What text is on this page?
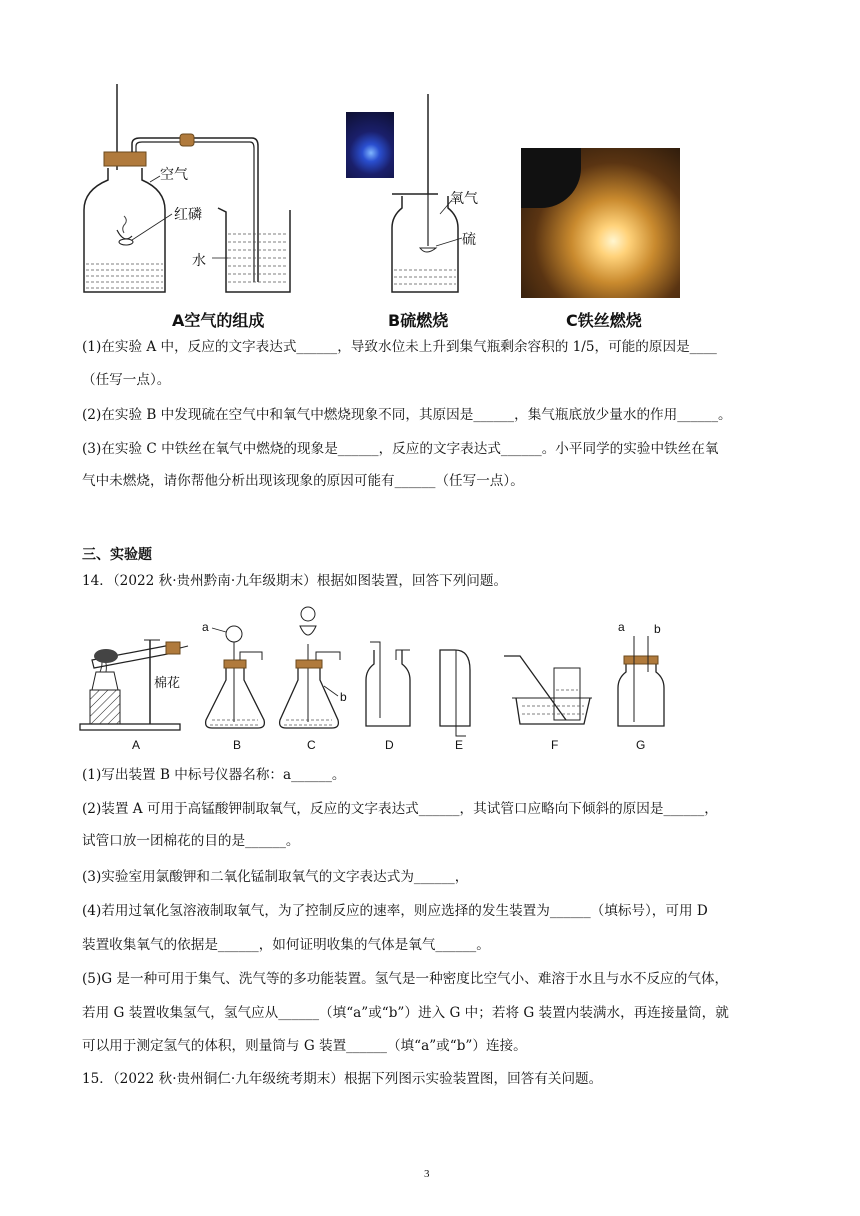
空气
红磷
水
氧气
硫
A空气的组成	B硫燃烧	C铁丝燃烧
(1)在实验 A 中，反应的文字表达式______，导致水位未上升到集气瓶剩余容积的 1/5，可能的原因是____
（任写一点）。
(2)在实验 B 中发现硫在空气中和氧气中燃烧现象不同，其原因是______，集气瓶底放少量水的作用______。
(3)在实验 C 中铁丝在氧气中燃烧的现象是______，反应的文字表达式______。小平同学的实验中铁丝在氧
气中未燃烧，请你帮他分析出现该现象的原因可能有______（任写一点）。
三、实验题
14．（2022 秋·贵州黔南·九年级期末）根据如图装置，回答下列问题。
棉花
a
b
a b
A	B	C	D	E	F	G
(1)写出装置 B 中标号仪器名称：a______。
(2)装置 A 可用于高锰酸钾制取氧气，反应的文字表达式______，其试管口应略向下倾斜的原因是______，
试管口放一团棉花的目的是______。
(3)实验室用氯酸钾和二氧化锰制取氧气的文字表达式为______，
(4)若用过氧化氢溶液制取氧气，为了控制反应的速率，则应选择的发生装置为______（填标号），可用 D
装置收集氧气的依据是______，如何证明收集的气体是氧气______。
(5)G 是一种可用于集气、洗气等的多功能装置。氢气是一种密度比空气小、难溶于水且与水不反应的气体，
若用 G 装置收集氢气，氢气应从______（填“a”或“b”）进入 G 中；若将 G 装置内装满水，再连接量筒，就
可以用于测定氢气的体积，则量筒与 G 装置______（填“a”或“b”）连接。
15．（2022 秋·贵州铜仁·九年级统考期末）根据下列图示实验装置图，回答有关问题。
3
